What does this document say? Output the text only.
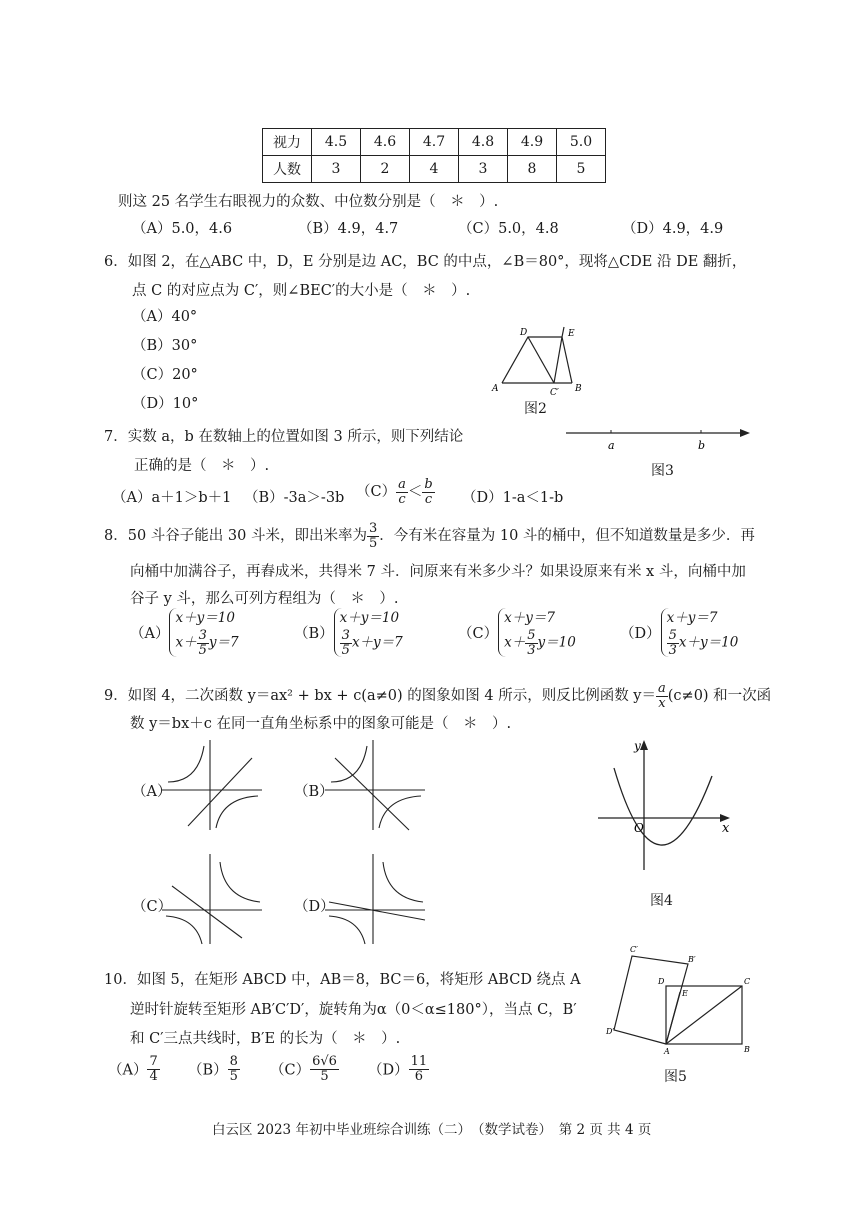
视力	4.5	4.6	4.7	4.8	4.9	5.0
人数	3	2	4	3	8	5
则这 25 名学生右眼视力的众数、中位数分别是（　＊　）.
（A）5.0，4.6	（B）4.9，4.7	（C）5.0，4.8	（D）4.9，4.9
6．如图 2，在△ABC 中，D，E 分别是边 AC，BC 的中点，∠B＝80°，现将△CDE 沿 DE 翻折，
点 C 的对应点为 C′，则∠BEC′的大小是（　＊　）.
（A）40°
（B）30°
（C）20°
（D）10°
A	B
C′
D	E
图2
7．实数 a，b 在数轴上的位置如图 3 所示，则下列结论
正确的是（　＊　）.
（A）a＋1＞b＋1 （B）-3a＞-3b $(C) \frac{a}{c} < \frac{b}{c} (D)1-a<1-b$
a	b
图3
8．50 斗谷子能出 30 斗米，即出米率为 $\frac{3}{5}$ ．今有米在容量为 10 斗的桶中，但不知道数量是多少．再
向桶中加满谷子，再舂成米，共得米 7 斗．问原来有米多少斗？如果设原来有米 x 斗，向桶中加
谷子 y 斗，那么可列方程组为（　＊　）.
（A）x＋y＝10
$x+ \frac{3}{5} y=7$
（B）x＋y＝10

$\frac{3}{5} x+y=7$
（C）x＋y＝7
$x+ \frac{5}{3} y=10$
（D）x＋y＝7

$\frac{5}{3} x+y=10$
9．如图 4，二次函数 y＝ax² + bx + c(a≠0) 的图象如图 4 所示，则反比例函数 $y= \frac{a}{x} (c\ne 0)$ 和一次函
数 y＝bx＋c 在同一直角坐标系中的图象可能是（　＊　）.
（A）	（B）
（C）	（D）
y
x
O
图4
10．如图 5，在矩形 ABCD 中，AB＝8，BC＝6，将矩形 ABCD 绕点 A
逆时针旋转至矩形 AB′C′D′，旋转角为α（0＜α≤180°），当点 C，B′
和 C′三点共线时，B′E 的长为（　＊　）.
$(A) \frac{7}{4} (B) \frac{8}{5} (C) \frac{6√6}{5} (D) \frac{11}{6}$
C′
B′
C
D
E
D′
A	B
图5
白云区 2023 年初中毕业班综合训练（二）　（数学试卷）　第 2 页 共 4 页
